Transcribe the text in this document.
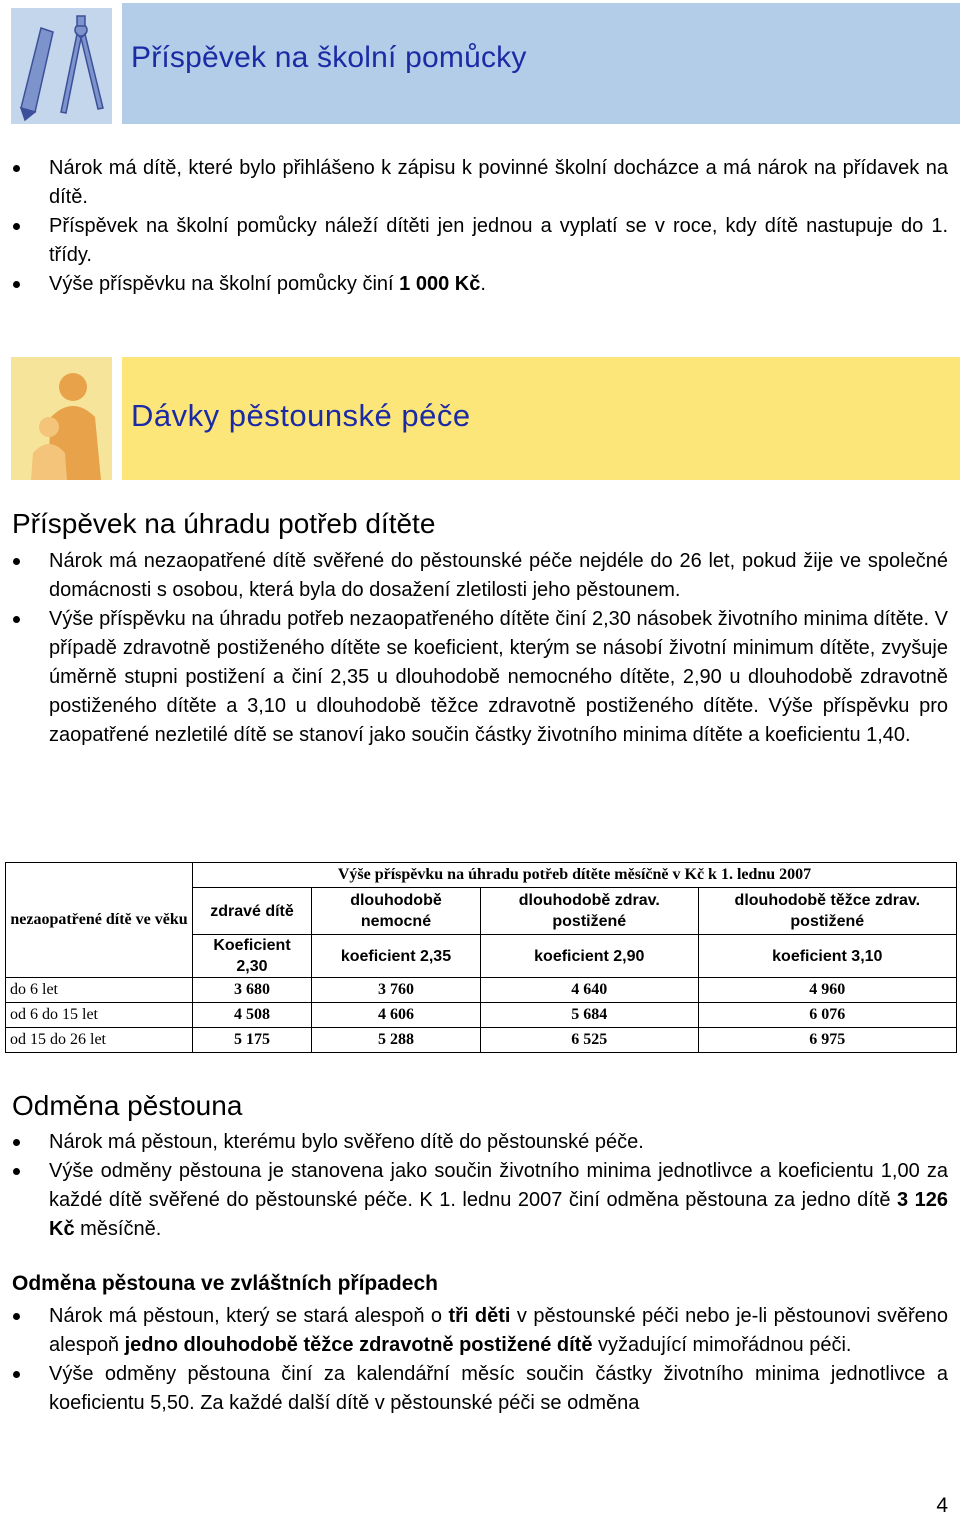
Příspěvek na školní pomůcky
Nárok má dítě, které bylo přihlášeno k zápisu k povinné školní docházce a má nárok na přídavek na dítě.
Příspěvek na školní pomůcky náleží dítěti jen jednou a vyplatí se v roce, kdy dítě nastupuje do 1. třídy.
Výše příspěvku na školní pomůcky činí 1 000 Kč.
Dávky pěstounské péče
Příspěvek na úhradu potřeb dítěte
Nárok má nezaopatřené dítě svěřené do pěstounské péče nejdéle do 26 let, pokud žije ve společné domácnosti s osobou, která byla do dosažení zletilosti jeho pěstounem.
Výše příspěvku na úhradu potřeb nezaopatřeného dítěte činí 2,30 násobek životního minima dítěte. V případě zdravotně postiženého dítěte se koeficient, kterým se násobí životní minimum dítěte, zvyšuje úměrně stupni postižení a činí 2,35 u dlouhodobě nemocného dítěte, 2,90 u dlouhodobě zdravotně postiženého dítěte a 3,10 u dlouhodobě těžce zdravotně postiženého dítěte. Výše příspěvku pro zaopatřené nezletilé dítě se stanoví jako součin částky životního minima dítěte a koeficientu 1,40.
nezaopatřené dítě ve věku	Výše příspěvku na úhradu potřeb dítěte měsíčně v Kč k 1. lednu 2007			
	zdravé dítě	dlouhodobě nemocné	dlouhodobě zdrav. postižené	dlouhodobě těžce zdrav. postižené
	Koeficient 2,30	koeficient 2,35	koeficient 2,90	koeficient 3,10
do 6 let	3 680	3 760	4 640	4 960
od 6 do 15 let	4 508	4 606	5 684	6 076
od 15 do 26 let	5 175	5 288	6 525	6 975
Odměna pěstouna
Nárok má pěstoun, kterému bylo svěřeno dítě do pěstounské péče.
Výše odměny pěstouna je stanovena jako součin životního minima jednotlivce a koeficientu 1,00 za každé dítě svěřené do pěstounské péče. K 1. lednu 2007 činí odměna pěstouna za jedno dítě 3 126 Kč měsíčně.
Odměna pěstouna ve zvláštních případech
Nárok má pěstoun, který se stará alespoň o tři děti v pěstounské péči nebo je-li pěstounovi svěřeno alespoň jedno dlouhodobě těžce zdravotně postižené dítě vyžadující mimořádnou péči.
Výše odměny pěstouna činí za kalendářní měsíc součin částky životního minima jednotlivce a koeficientu 5,50. Za každé další dítě v pěstounské péči se odměna
4
